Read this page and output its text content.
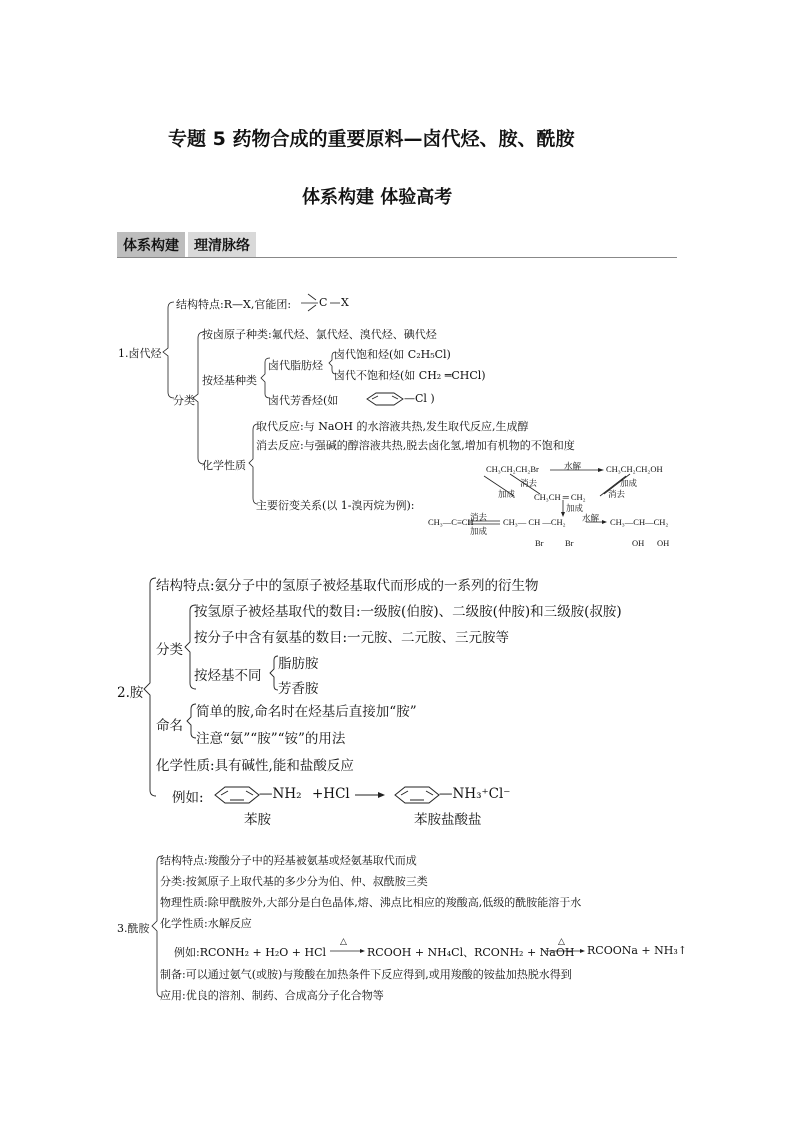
专题 5 药物合成的重要原料—卤代烃、胺、酰胺
体系构建 体验高考
体系构建	理清脉络
1.卤代烃
结构特点:R—X,官能团:	C X
分类
按卤原子种类:氟代烃、氯代烃、溴代烃、碘代烃
按烃基种类
卤代脂肪烃
卤代饱和烃(如 C₂H₅Cl)
卤代不饱和烃(如 CH₂ ═CHCl)
卤代芳香烃(如	—Cl )
化学性质
取代反应:与 NaOH 的水溶液共热,发生取代反应,生成醇
消去反应:与强碱的醇溶液共热,脱去卤化氢,增加有机物的不饱和度
主要衍变关系(以 1-溴丙烷为例):
CH₃CH₂CH₂Br	CH₃CH₂CH₂OH
水解
消去
加成
加成
消去
CH₃CH ═ CH₂
加成
CH₃—C≡CH
消去
加成
CH₃— CH —CH₂
Br	Br
水解 CH₃—CH—CH₂
OH OH
2.胺
结构特点:氨分子中的氢原子被烃基取代而形成的一系列的衍生物
分类
按氢原子被烃基取代的数目:一级胺(伯胺)、二级胺(仲胺)和三级胺(叔胺)
按分子中含有氨基的数目:一元胺、二元胺、三元胺等
按烃基不同
脂肪胺
芳香胺
命名
简单的胺,命名时在烃基后直接加“胺”
注意“氨”“胺”“铵”的用法
化学性质:具有碱性,能和盐酸反应
例如:	—NH₂ +HCl	—NH₃⁺Cl⁻
苯胺	苯胺盐酸盐
3.酰胺
结构特点:羧酸分子中的羟基被氨基或烃氨基取代而成
分类:按氮原子上取代基的多少分为伯、仲、叔酰胺三类
物理性质:除甲酰胺外,大部分是白色晶体,熔、沸点比相应的羧酸高,低级的酰胺能溶于水
化学性质:水解反应
例如:RCONH₂ + H₂O + HCl
△
RCOOH + NH₄Cl、RCONH₂ + NaOH
△
RCOONa + NH₃↑
制备:可以通过氨气(或胺)与羧酸在加热条件下反应得到,或用羧酸的铵盐加热脱水得到
应用:优良的溶剂、制药、合成高分子化合物等
